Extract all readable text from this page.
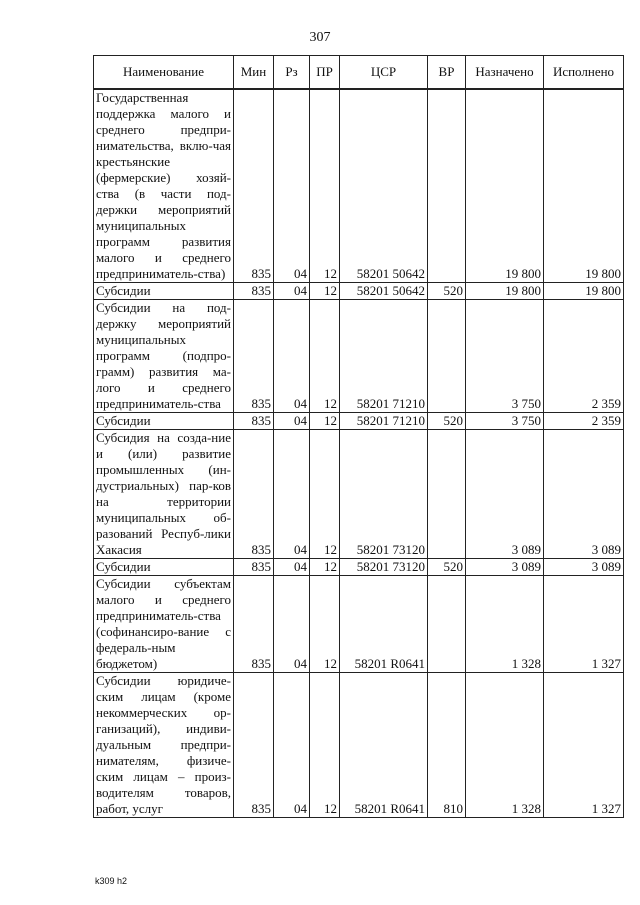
307
Наименование	Мин	Рз	ПР	ЦСР	ВР	Назначено	Исполнено
Государственная поддержка малого и среднего предпри-нимательства, вклю-чая крестьянские (фермерские) хозяй-ства (в части под-держки мероприятий муниципальных программ развития малого и среднего предприниматель-ства)	835	04	12	58201 50642		19 800	19 800
Субсидии	835	04	12	58201 50642	520	19 800	19 800
Субсидии на под-держку мероприятий муниципальных программ (подпро-грамм) развития ма-лого и среднего предприниматель-ства	835	04	12	58201 71210		3 750	2 359
Субсидии	835	04	12	58201 71210	520	3 750	2 359
Субсидия на созда-ние и (или) развитие промышленных (ин-дустриальных) пар-ков на территории муниципальных об-разований Респуб-лики Хакасия	835	04	12	58201 73120		3 089	3 089
Субсидии	835	04	12	58201 73120	520	3 089	3 089
Субсидии субъектам малого и среднего предприниматель-ства (софинансиро-вание с федераль-ным бюджетом)	835	04	12	58201 R0641		1 328	1 327
Субсидии юридиче-ским лицам (кроме некоммерческих ор-ганизаций), индиви-дуальным предпри-нимателям, физиче-ским лицам – произ-водителям товаров, работ, услуг	835	04	12	58201 R0641	810	1 328	1 327
k309 h2
